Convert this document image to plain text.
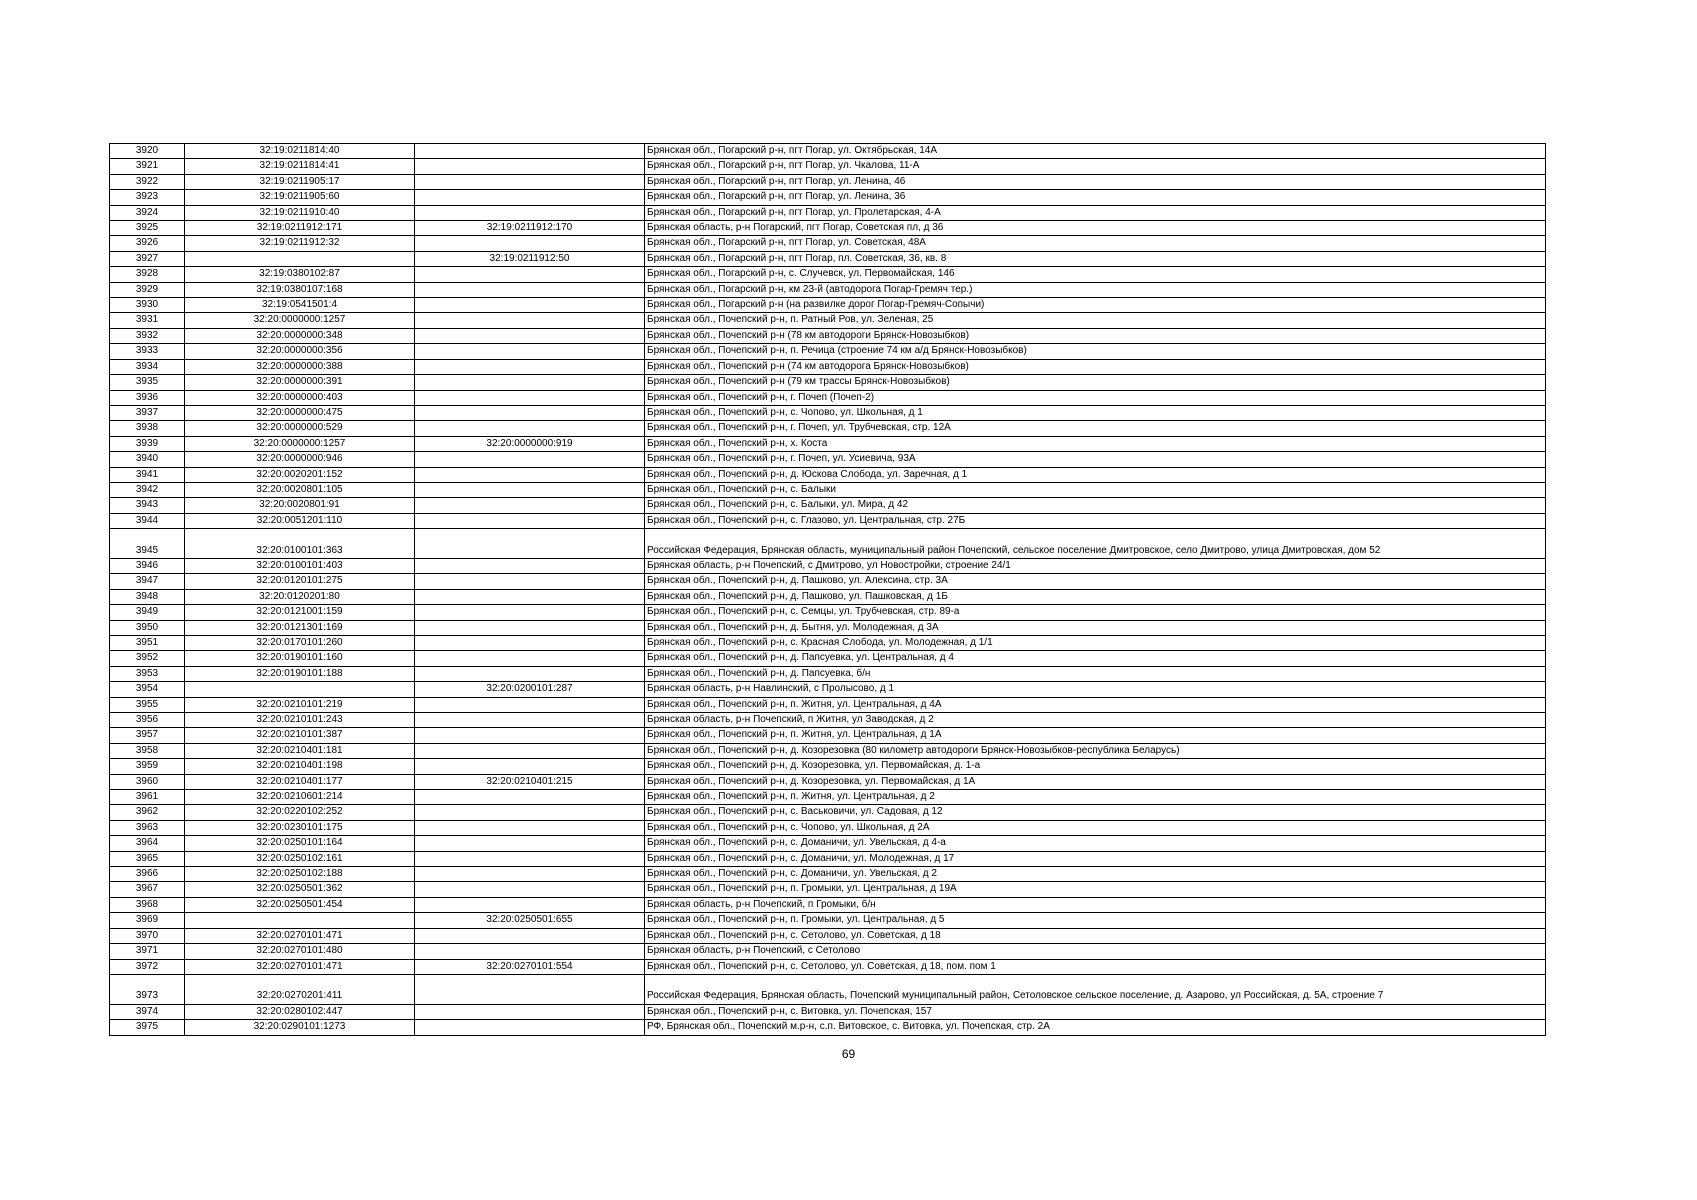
3920	32:19:0211814:40		Брянская обл., Погарский р-н, пгт Погар, ул. Октябрьская, 14А
3921	32:19:0211814:41		Брянская обл., Погарский р-н, пгт Погар, ул. Чкалова, 11-А
3922	32:19:0211905:17		Брянская обл., Погарский р-н, пгт Погар, ул. Ленина, 46
3923	32:19:0211905:60		Брянская обл., Погарский р-н, пгт Погар, ул. Ленина, 36
3924	32:19:0211910:40		Брянская обл., Погарский р-н, пгт Погар, ул. Пролетарская, 4-А
3925	32:19:0211912:171	32:19:0211912:170	Брянская область, р-н Погарский, пгт Погар, Советская пл, д 36
3926	32:19:0211912:32		Брянская обл., Погарский р-н, пгт Погар, ул. Советская, 48А
3927		32:19:0211912:50	Брянская обл., Погарский р-н, пгт Погар, пл. Советская, 36, кв. 8
3928	32:19:0380102:87		Брянская обл., Погарский р-н, с. Случевск, ул. Первомайская, 146
3929	32:19:0380107:168		Брянская обл., Погарский р-н, км 23-й (автодорога Погар-Гремяч тер.)
3930	32:19:0541501:4		Брянская обл., Погарский р-н (на развилке дорог Погар-Гремяч-Сопычи)
3931	32:20:0000000:1257		Брянская обл., Почепский р-н, п. Ратный Ров, ул. Зеленая, 25
3932	32:20:0000000:348		Брянская обл., Почепский р-н (78 км автодороги Брянск-Новозыбков)
3933	32:20:0000000:356		Брянская обл., Почепский р-н, п. Речица (строение 74 км а/д Брянск-Новозыбков)
3934	32:20:0000000:388		Брянская обл., Почепский р-н (74 км автодорога Брянск-Новозыбков)
3935	32:20:0000000:391		Брянская обл., Почепский р-н (79 км трассы Брянск-Новозыбков)
3936	32:20:0000000:403		Брянская обл., Почепский р-н, г. Почеп (Почеп-2)
3937	32:20:0000000:475		Брянская обл., Почепский р-н, с. Чопово, ул. Школьная, д 1
3938	32:20:0000000:529		Брянская обл., Почепский р-н, г. Почеп, ул. Трубчевская, стр. 12А
3939	32:20:0000000:1257	32:20:0000000:919	Брянская обл., Почепский р-н, х. Коста
3940	32:20:0000000:946		Брянская обл., Почепский р-н, г. Почеп, ул. Усиевича, 93А
3941	32:20:0020201:152		Брянская обл., Почепский р-н, д. Юскова Слобода, ул. Заречная, д 1
3942	32:20:0020801:105		Брянская обл., Почепский р-н, с. Балыки
3943	32:20:0020801:91		Брянская обл., Почепский р-н, с. Балыки, ул. Мира, д 42
3944	32:20:0051201:110		Брянская обл., Почепский р-н, с. Глазово, ул. Центральная, стр. 27Б
3945	32:20:0100101:363		Российская Федерация, Брянская область, муниципальный район Почепский, сельское поселение Дмитровское, село Дмитрово, улица Дмитровская, дом 52
3946	32:20:0100101:403		Брянская область, р-н Почепский, с Дмитрово, ул Новостройки, строение 24/1
3947	32:20:0120101:275		Брянская обл., Почепский р-н, д. Пашково, ул. Алексина, стр. 3А
3948	32:20:0120201:80		Брянская обл., Почепский р-н, д. Пашково, ул. Пашковская, д 1Б
3949	32:20:0121001:159		Брянская обл., Почепский р-н, с. Семцы, ул. Трубчевская, стр. 89-а
3950	32:20:0121301:169		Брянская обл., Почепский р-н, д. Бытня, ул. Молодежная, д 3А
3951	32:20:0170101:260		Брянская обл., Почепский р-н, с. Красная Слобода, ул. Молодежная, д 1/1
3952	32:20:0190101:160		Брянская обл., Почепский р-н, д. Папсуевка, ул. Центральная, д 4
3953	32:20:0190101:188		Брянская обл., Почепский р-н, д. Папсуевка, б/н
3954		32:20:0200101:287	Брянская область, р-н Навлинский, с Пролысово, д 1
3955	32:20:0210101:219		Брянская обл., Почепский р-н, п. Житня, ул. Центральная, д 4А
3956	32:20:0210101:243		Брянская область, р-н Почепский, п Житня, ул Заводская, д 2
3957	32:20:0210101:387		Брянская обл., Почепский р-н, п. Житня, ул. Центральная, д 1А
3958	32:20:0210401:181		Брянская обл., Почепский р-н, д. Козорезовка (80 километр автодороги Брянск-Новозыбков-республика Беларусь)
3959	32:20:0210401:198		Брянская обл., Почепский р-н, д. Козорезовка, ул. Первомайская, д. 1-а
3960	32:20:0210401:177	32:20:0210401:215	Брянская обл., Почепский р-н, д. Козорезовка, ул. Первомайская, д 1А
3961	32:20:0210601:214		Брянская обл., Почепский р-н, п. Житня, ул. Центральная, д 2
3962	32:20:0220102:252		Брянская обл., Почепский р-н, с. Васьковичи, ул. Садовая, д 12
3963	32:20:0230101:175		Брянская обл., Почепский р-н, с. Чопово, ул. Школьная, д 2А
3964	32:20:0250101:164		Брянская обл., Почепский р-н, с. Доманичи, ул. Увельская, д 4-а
3965	32:20:0250102:161		Брянская обл., Почепский р-н, с. Доманичи, ул. Молодежная, д 17
3966	32:20:0250102:188		Брянская обл., Почепский р-н, с. Доманичи, ул. Увельская, д 2
3967	32:20:0250501:362		Брянская обл., Почепский р-н, п. Громыки, ул. Центральная, д 19А
3968	32:20:0250501:454		Брянская область, р-н Почепский, п Громыки, б/н
3969		32:20:0250501:655	Брянская обл., Почепский р-н, п. Громыки, ул. Центральная, д 5
3970	32:20:0270101:471		Брянская обл., Почепский р-н, с. Сетолово, ул. Советская, д 18
3971	32:20:0270101:480		Брянская область, р-н Почепский, с Сетолово
3972	32:20:0270101:471	32:20:0270101:554	Брянская обл., Почепский р-н, с. Сетолово, ул. Советская, д 18, пом. пом 1
3973	32:20:0270201:411		Российская Федерация, Брянская область, Почепский муниципальный район, Сетоловское сельское поселение, д. Азарово, ул Российская, д. 5А, строение 7
3974	32:20:0280102:447		Брянская обл., Почепский р-н, с. Витовка, ул. Почепская, 157
3975	32:20:0290101:1273		РФ, Брянская обл., Почепский м.р-н, с.п. Витовское, с. Витовка, ул. Почепская, стр. 2А
69
